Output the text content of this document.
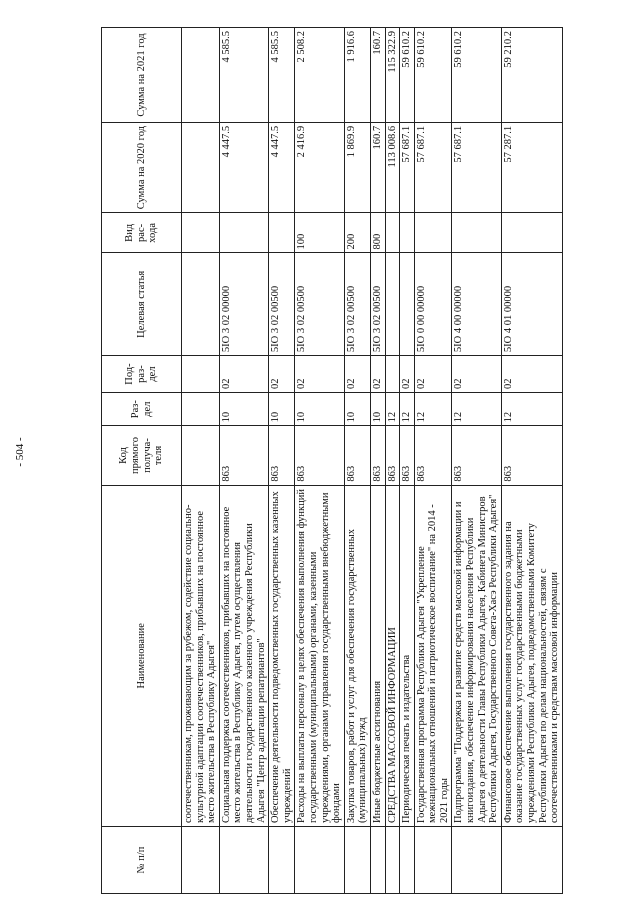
- 504 -
№ п/п	Наименование	Код прямого получа- теля	Раз- дел	Под- раз- дел	Целевая статья	Вид рас- хода	Сумма на 2020 год	Сумма на 2021 год
	соотечественникам, проживающим за рубежом, содействие социально-культурной адаптации соотечественников, прибывших на постоянное место жительства в Республику Адыгея"							
	Социальная поддержка соотечественников, прибывших на постоянное место жительства в Республику Адыгея, путем осуществления деятельности государственного казенного учреждения Республики Адыгея "Центр адаптации репатриантов"	863	10	02	5IO 3 02 00000		4 447.5	4 585.5
	Обеспечение деятельности подведомственных государственных казенных учреждений	863	10	02	5IO 3 02 00500		4 447.5	4 585.5
	Расходы на выплаты персоналу в целях обеспечения выполнения функций государственными (муниципальными) органами, казенными учреждениями, органами управления государственными внебюджетными фондами	863	10	02	5IO 3 02 00500	100	2 416.9	2 508.2
	Закупка товаров, работ и услуг для обеспечения государственных (муниципальных) нужд	863	10	02	5IO 3 02 00500	200	1 869.9	1 916.6
	Иные бюджетные ассигнования	863	10	02	5IO 3 02 00500	800	160.7	160.7
	СРЕДСТВА МАССОВОЙ ИНФОРМАЦИИ	863	12				113 008.6	115 322.9
	Периодическая печать и издательства	863	12	02			57 687.1	59 610.2
	Государственная программа Республики Адыгея "Укрепление межнациональных отношений и патриотическое воспитание" на 2014 - 2021 годы	863	12	02	5IO 0 00 00000		57 687.1	59 610.2
	Подпрограмма "Поддержка и развитие средств массовой информации и книгоиздания, обеспечение информирования населения Республики Адыгея о деятельности Главы Республики Адыгея, Кабинета Министров Республики Адыгея, Государственного Совета-Хасэ Республики Адыгея"	863	12	02	5IO 4 00 00000		57 687.1	59 610.2
	Финансовое обеспечение выполнения государственного задания на оказание государственных услуг государственными бюджетными учреждениями Республики Адыгея, подведомственными Комитету Республики Адыгея по делам национальностей, связям с соотечественниками и средствам массовой информации	863	12	02	5IO 4 01 00000		57 287.1	59 210.2
